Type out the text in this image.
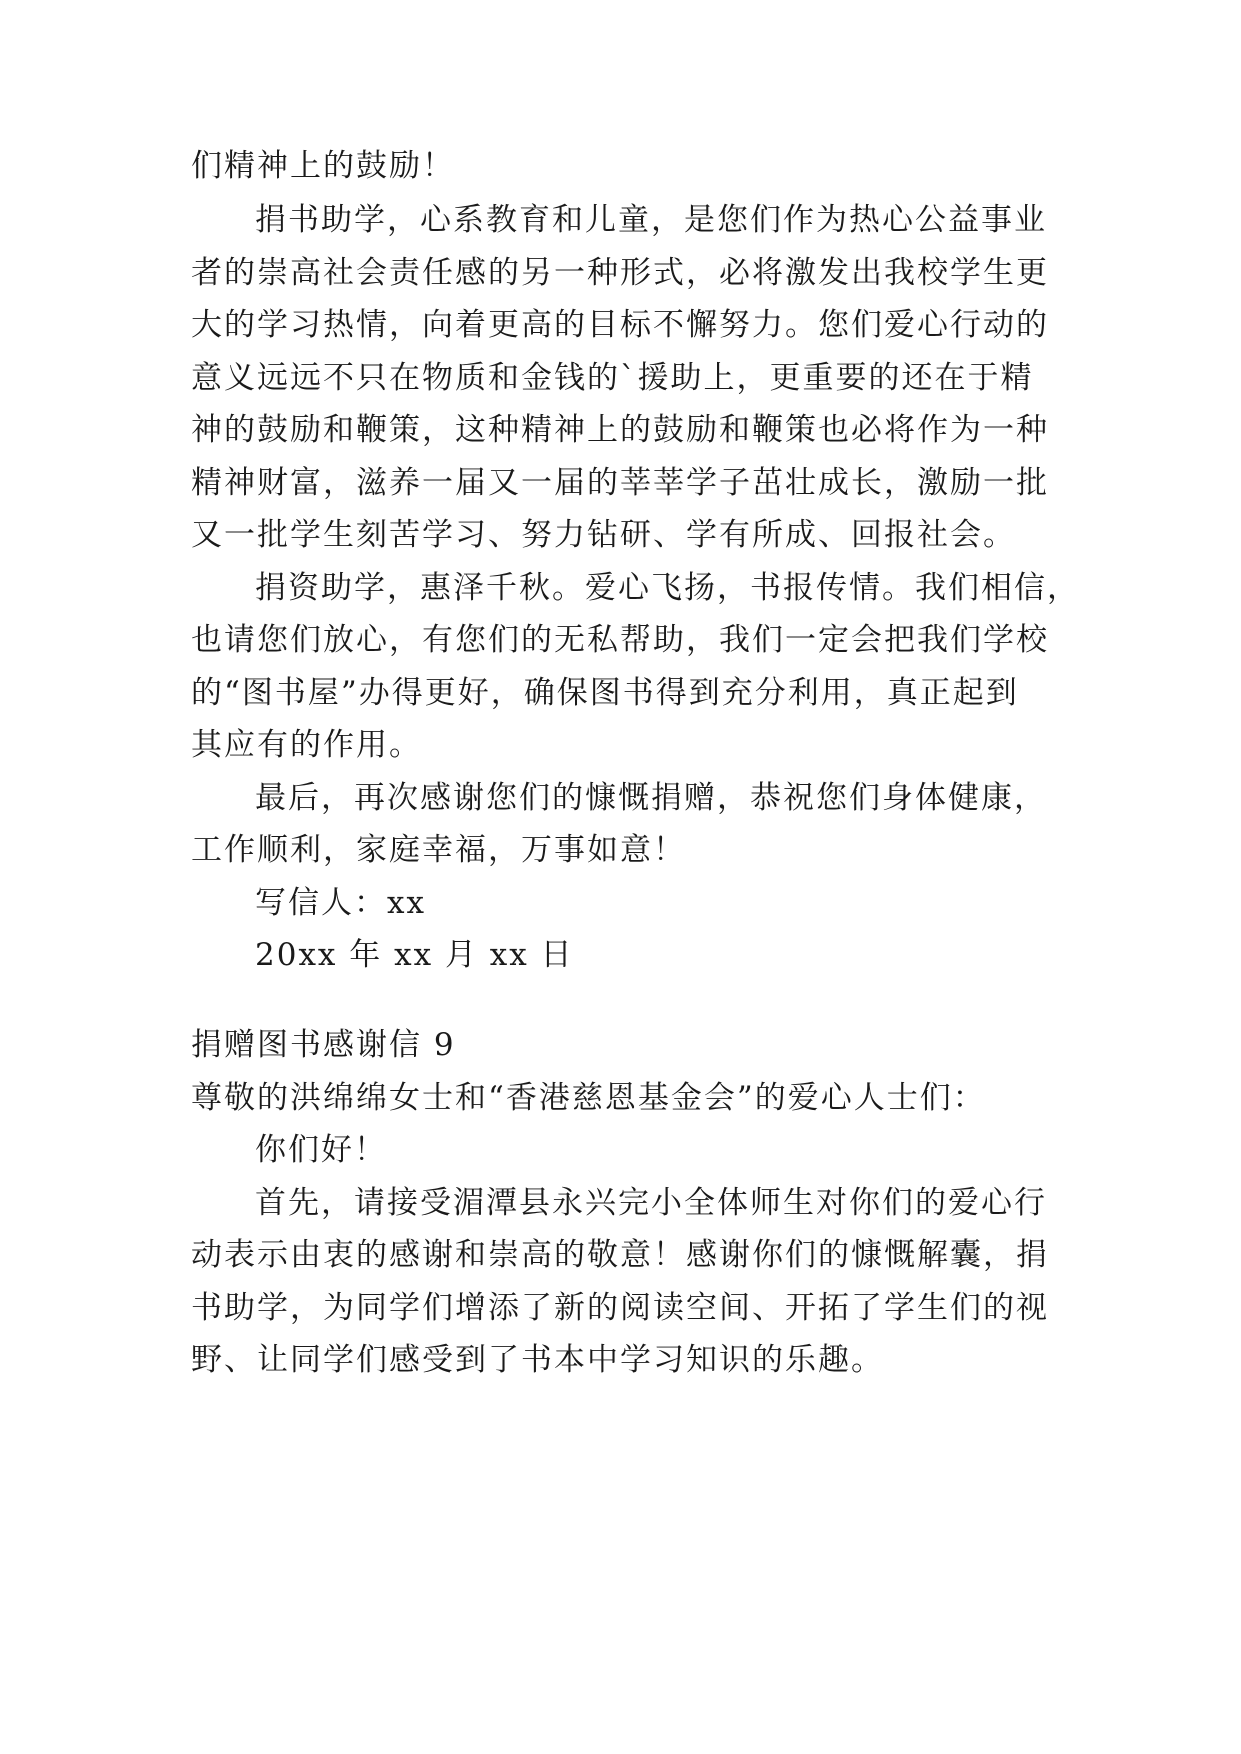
们精神上的鼓励！
捐书助学，心系教育和儿童，是您们作为热心公益事业
者的崇高社会责任感的另一种形式，必将激发出我校学生更
大的学习热情，向着更高的目标不懈努力。您们爱心行动的
意义远远不只在物质和金钱的`援助上，更重要的还在于精
神的鼓励和鞭策，这种精神上的鼓励和鞭策也必将作为一种
精神财富，滋养一届又一届的莘莘学子茁壮成长，激励一批
又一批学生刻苦学习、努力钻研、学有所成、回报社会。
捐资助学，惠泽千秋。爱心飞扬，书报传情。我们相信，
也请您们放心，有您们的无私帮助，我们一定会把我们学校
的“图书屋”办得更好，确保图书得到充分利用，真正起到
其应有的作用。
最后，再次感谢您们的慷慨捐赠，恭祝您们身体健康，
工作顺利，家庭幸福，万事如意！
写信人：xx
20xx 年 xx 月 xx 日
捐赠图书感谢信 9
尊敬的洪绵绵女士和“香港慈恩基金会”的爱心人士们：
你们好！
首先，请接受湄潭县永兴完小全体师生对你们的爱心行
动表示由衷的感谢和崇高的敬意！感谢你们的慷慨解囊，捐
书助学，为同学们增添了新的阅读空间、开拓了学生们的视
野、让同学们感受到了书本中学习知识的乐趣。
